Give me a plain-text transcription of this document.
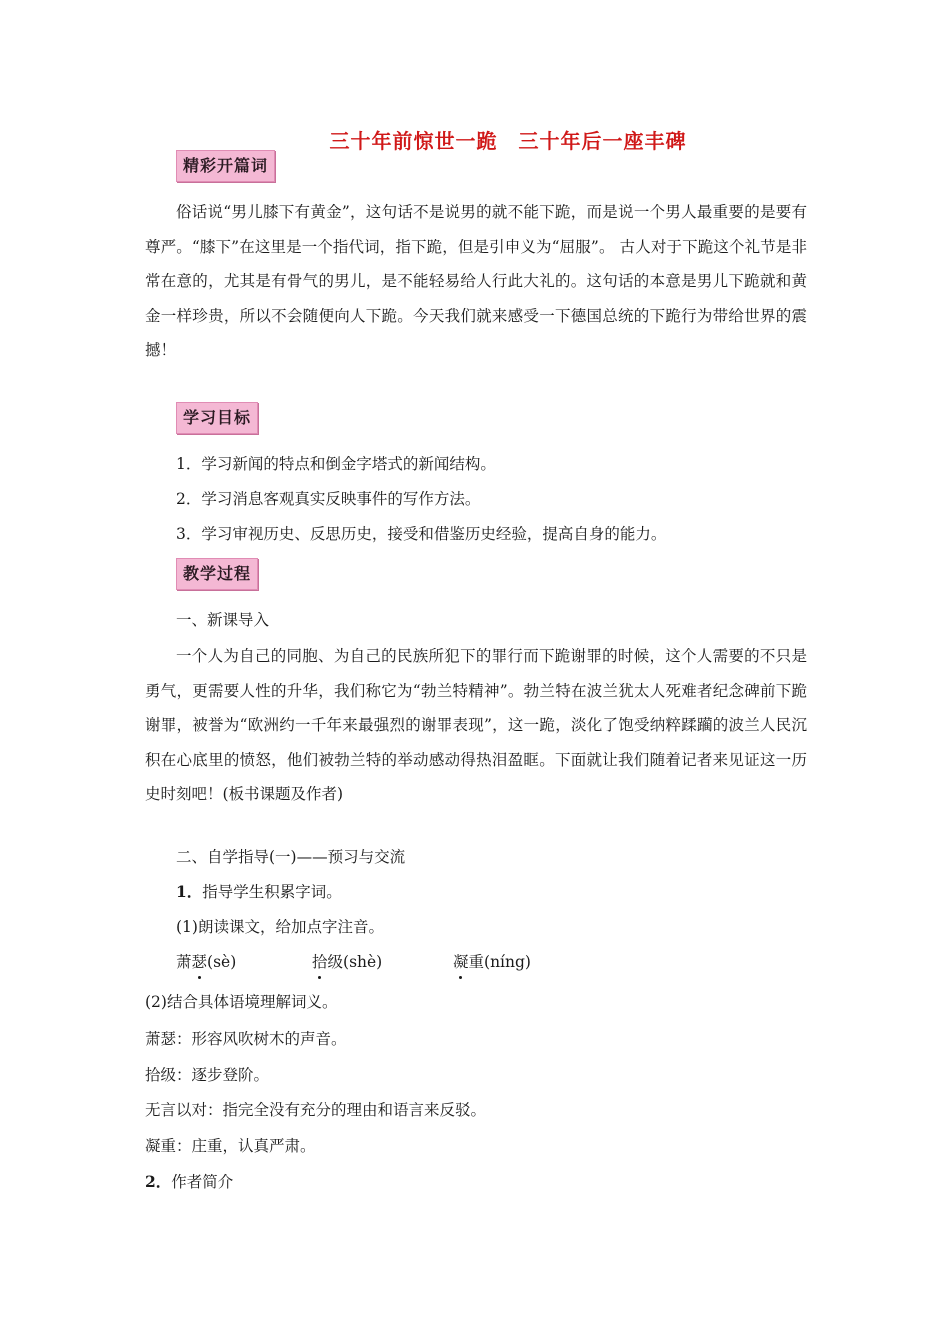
三十年前惊世一跪　三十年后一座丰碑
精彩开篇词

俗话说“男儿膝下有黄金”，这句话不是说男的就不能下跪，而是说一个男人最重要的是要有尊严。“膝下”在这里是一个指代词，指下跪，但是引申义为“屈服”。 古人对于下跪这个礼节是非常在意的，尤其是有骨气的男儿，是不能轻易给人行此大礼的。这句话的本意是男儿下跪就和黄金一样珍贵，所以不会随便向人下跪。今天我们就来感受一下德国总统的下跪行为带给世界的震撼！

学习目标
1．学习新闻的特点和倒金字塔式的新闻结构。
2．学习消息客观真实反映事件的写作方法。
3．学习审视历史、反思历史，接受和借鉴历史经验，提高自身的能力。
教学过程
一、新课导入

一个人为自己的同胞、为自己的民族所犯下的罪行而下跪谢罪的时候，这个人需要的不只是勇气，更需要人性的升华，我们称它为“勃兰特精神”。勃兰特在波兰犹太人死难者纪念碑前下跪谢罪，被誉为“欧洲约一千年来最强烈的谢罪表现”，这一跪，淡化了饱受纳粹蹂躏的波兰人民沉积在心底里的愤怒，他们被勃兰特的举动感动得热泪盈眶。下面就让我们随着记者来见证这一历史时刻吧！(板书课题及作者)

二、自学指导(一)——预习与交流
1．指导学生积累字词。
(1)朗读课文，给加点字注音。
萧瑟(sè)	拾级(shè)	凝重(níng)
(2)结合具体语境理解词义。
萧瑟：形容风吹树木的声音。
拾级：逐步登阶。
无言以对：指完全没有充分的理由和语言来反驳。
凝重：庄重，认真严肃。
2．作者简介
